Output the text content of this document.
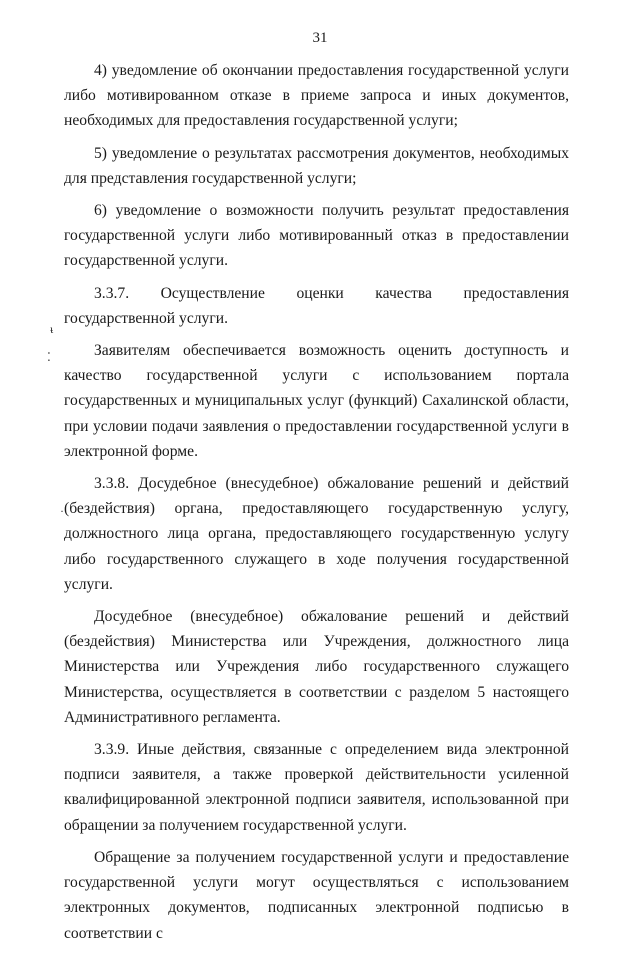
31
ᵼ
⁚
·

4) уведомление об окончании предоставления государственной услуги либо мотивированном отказе в приеме запроса и иных документов, необходимых для предоставления государственной услуги;

5) уведомление о результатах рассмотрения документов, необходимых для представления государственной услуги;

6) уведомление о возможности получить результат предоставления государственной услуги либо мотивированный отказ в предоставлении государственной услуги.

3.3.7. Осуществление оценки качества предоставления государственной услуги.

Заявителям обеспечивается возможность оценить доступность и качество государственной услуги с использованием портала государственных и муниципальных услуг (функций) Сахалинской области, при условии подачи заявления о предоставлении государственной услуги в электронной форме.

3.3.8. Досудебное (внесудебное) обжалование решений и действий (бездействия) органа, предоставляющего государственную услугу, должностного лица органа, предоставляющего государственную услугу либо государственного служащего в ходе получения государственной услуги.

Досудебное (внесудебное) обжалование решений и действий (бездействия) Министерства или Учреждения, должностного лица Министерства или Учреждения либо государственного служащего Министерства, осуществляется в соответствии с разделом 5 настоящего Административного регламента.

3.3.9. Иные действия, связанные с определением вида электронной подписи заявителя, а также проверкой действительности усиленной квалифицированной электронной подписи заявителя, использованной при обращении за получением государственной услуги.

Обращение за получением государственной услуги и предоставление государственной услуги могут осуществляться с использованием электронных документов, подписанных электронной подписью в соответствии с
